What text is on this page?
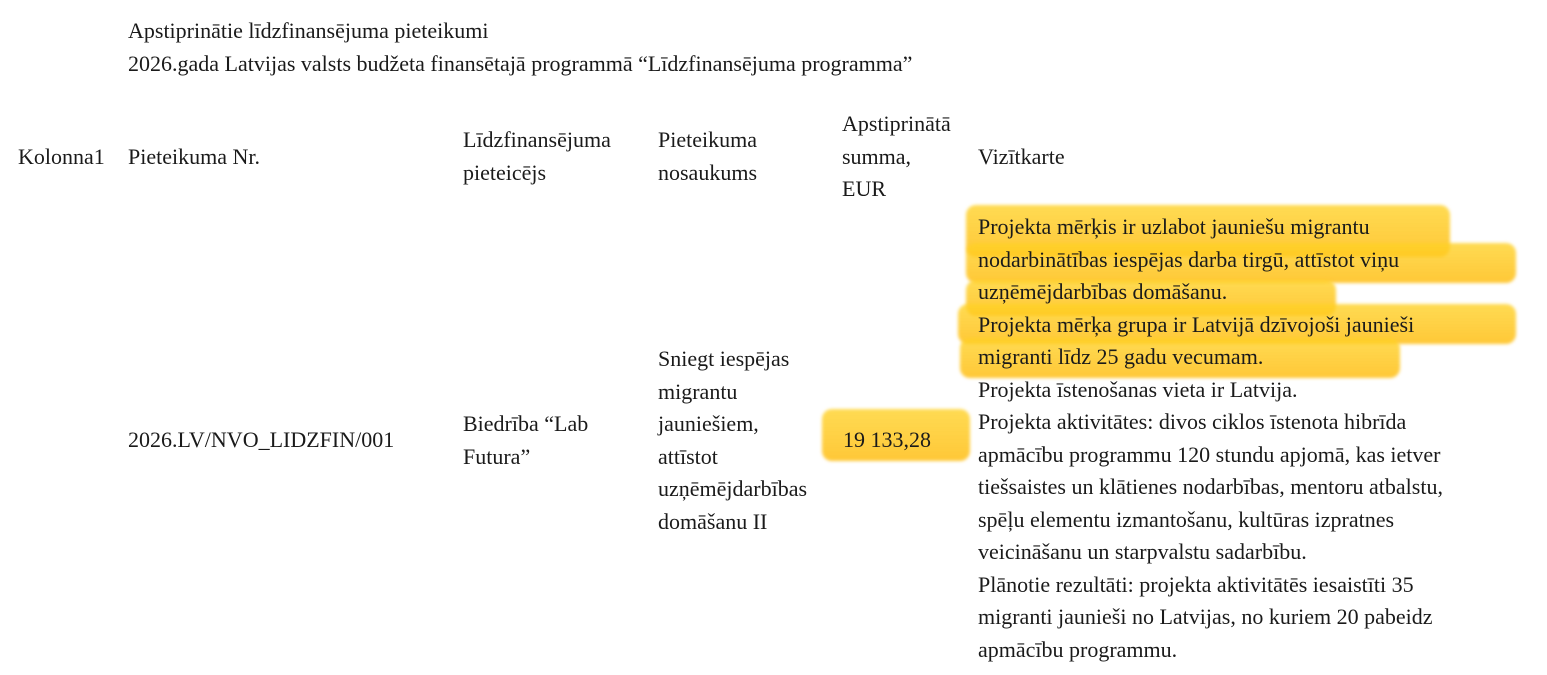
Apstiprinātie līdzfinansējuma pieteikumi
2026.gada Latvijas valsts budžeta finansētajā programmā “Līdzfinansējuma programma”
Kolonna1 Pieteikuma Nr.
Līdzfinansējuma
pieteicējs
Pieteikuma
nosaukums
Apstiprinātā
summa,
EUR
Vizītkarte
2026.LV/NVO_LIDZFIN/001
Biedrība “Lab
Futura”
Sniegt iespējas
migrantu
jauniešiem,
attīstot
uzņēmējdarbības
domāšanu II
19 133,28
Projekta mērķis ir uzlabot jauniešu migrantu
nodarbinātības iespējas darba tirgū, attīstot viņu
uzņēmējdarbības domāšanu.
Projekta mērķa grupa ir Latvijā dzīvojoši jaunieši
migranti līdz 25 gadu vecumam.
Projekta īstenošanas vieta ir Latvija.
Projekta aktivitātes: divos ciklos īstenota hibrīda
apmācību programmu 120 stundu apjomā, kas ietver
tiešsaistes un klātienes nodarbības, mentoru atbalstu,
spēļu elementu izmantošanu, kultūras izpratnes
veicināšanu un starpvalstu sadarbību.
Plānotie rezultāti: projekta aktivitātēs iesaistīti 35
migranti jaunieši no Latvijas, no kuriem 20 pabeidz
apmācību programmu.
